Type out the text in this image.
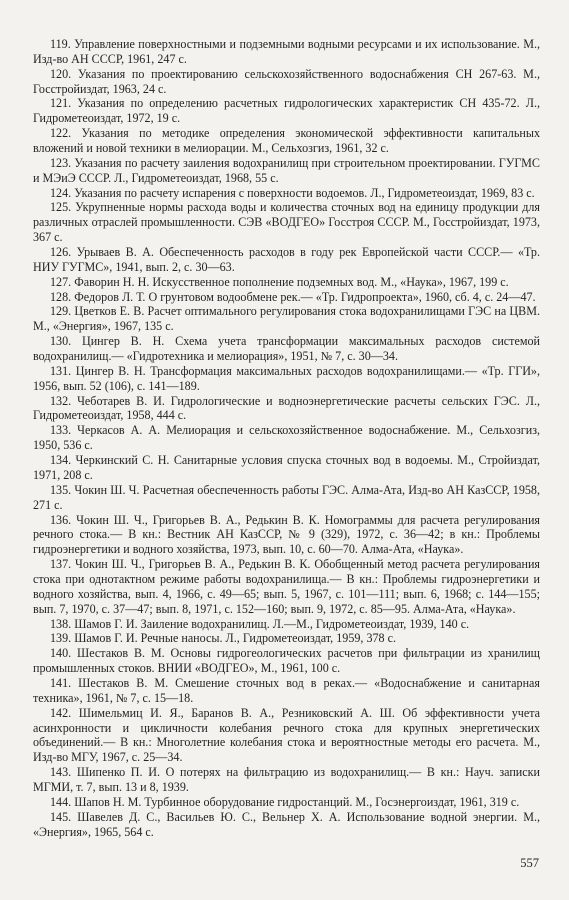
119. Управление поверхностными и подземными водными ресурсами и их использование. М., Изд-во АН СССР, 1961, 247 с.

120. Указания по проектированию сельскохозяйственного водоснабжения СН 267-63. М., Госстройиздат, 1963, 24 с.

121. Указания по определению расчетных гидрологических характеристик СН 435-72. Л., Гидрометеоиздат, 1972, 19 с.

122. Указания по методике определения экономической эффективности капитальных вложений и новой техники в мелиорации. М., Сельхозгиз, 1961, 32 с.

123. Указания по расчету заиления водохранилищ при строительном проектировании. ГУГМС и МЭиЭ СССР. Л., Гидрометеоиздат, 1968, 55 с.

124. Указания по расчету испарения с поверхности водоемов. Л., Гидрометеоиздат, 1969, 83 с.

125. Укрупненные нормы расхода воды и количества сточных вод на единицу продукции для различных отраслей промышленности. СЭВ «ВОДГЕО» Госстроя СССР. М., Госстройиздат, 1973, 367 с.

126. Урываев В. А. Обеспеченность расходов в году рек Европейской части СССР.— «Тр. НИУ ГУГМС», 1941, вып. 2, с. 30—63.

127. Фаворин Н. Н. Искусственное пополнение подземных вод. М., «Наука», 1967, 199 с.

128. Федоров Л. Т. О грунтовом водообмене рек.— «Тр. Гидропроекта», 1960, сб. 4, с. 24—47.

129. Цветков Е. В. Расчет оптимального регулирования стока водохранилищами ГЭС на ЦВМ. М., «Энергия», 1967, 135 с.

130. Цингер В. Н. Схема учета трансформации максимальных расходов системой водохранилищ.— «Гидротехника и мелиорация», 1951, № 7, с. 30—34.

131. Цингер В. Н. Трансформация максимальных расходов водохранилищами.— «Тр. ГГИ», 1956, вып. 52 (106), с. 141—189.

132. Чеботарев В. И. Гидрологические и водноэнергетические расчеты сельских ГЭС. Л., Гидрометеоиздат, 1958, 444 с.

133. Черкасов А. А. Мелиорация и сельскохозяйственное водоснабжение. М., Сельхозгиз, 1950, 536 с.

134. Черкинский С. Н. Санитарные условия спуска сточных вод в водоемы. М., Стройиздат, 1971, 208 с.

135. Чокин Ш. Ч. Расчетная обеспеченность работы ГЭС. Алма-Ата, Изд-во АН КазССР, 1958, 271 с.

136. Чокин Ш. Ч., Григорьев В. А., Редькин В. К. Номограммы для расчета регулирования речного стока.— В кн.: Вестник АН КазССР, № 9 (329), 1972, с. 36—42; в кн.: Проблемы гидроэнергетики и водного хозяйства, 1973, вып. 10, с. 60—70. Алма-Ата, «Наука».

137. Чокин Ш. Ч., Григорьев В. А., Редькин В. К. Обобщенный метод расчета регулирования стока при однотактном режиме работы водохранилища.— В кн.: Проблемы гидроэнергетики и водного хозяйства, вып. 4, 1966, с. 49—65; вып. 5, 1967, с. 101—111; вып. 6, 1968; с. 144—155; вып. 7, 1970, с. 37—47; вып. 8, 1971, с. 152—160; вып. 9, 1972, с. 85—95. Алма-Ата, «Наука».

138. Шамов Г. И. Заиление водохранилищ. Л.—М., Гидрометеоиздат, 1939, 140 с.

139. Шамов Г. И. Речные наносы. Л., Гидрометеоиздат, 1959, 378 с.

140. Шестаков В. М. Основы гидрогеологических расчетов при фильтрации из хранилищ промышленных стоков. ВНИИ «ВОДГЕО», М., 1961, 100 с.

141. Шестаков В. М. Смешение сточных вод в реках.— «Водоснабжение и санитарная техника», 1961, № 7, с. 15—18.

142. Шимельмиц И. Я., Баранов В. А., Резниковский А. Ш. Об эффективности учета асинхронности и цикличности колебания речного стока для крупных энергетических объединений.— В кн.: Многолетние колебания стока и вероятностные методы его расчета. М., Изд-во МГУ, 1967, с. 25—34.

143. Шипенко П. И. О потерях на фильтрацию из водохранилищ.— В кн.: Науч. записки МГМИ, т. 7, вып. 13 и 8, 1939.

144. Шапов Н. М. Турбинное оборудование гидростанций. М., Госэнергоиздат, 1961, 319 с.

145. Шавелев Д. С., Васильев Ю. С., Вельнер Х. А. Использование водной энергии. М., «Энергия», 1965, 564 с.

557
